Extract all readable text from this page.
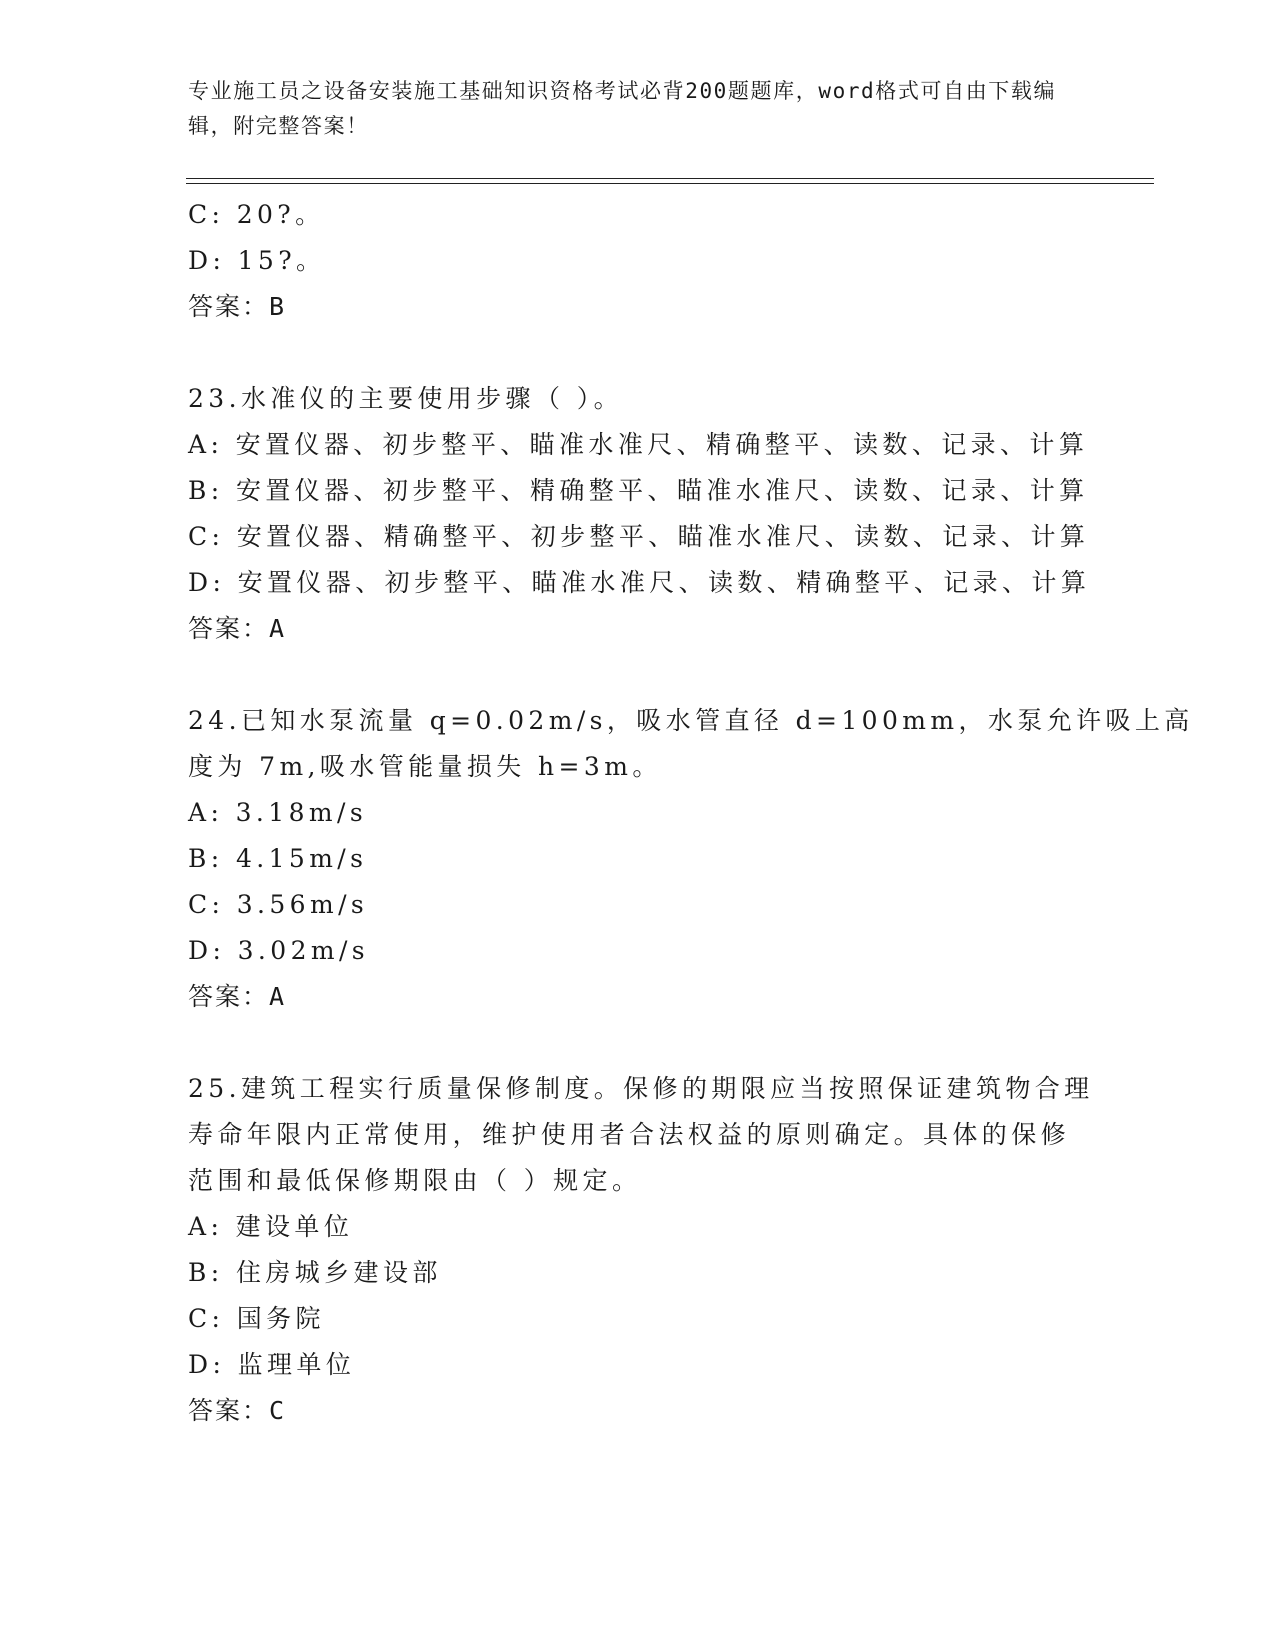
专业施工员之设备安装施工基础知识资格考试必背200题题库，word格式可自由下载编辑，附完整答案！
C: 20?。
D: 15?。
答案：B
23.水准仪的主要使用步骤（ ）。
A: 安置仪器、初步整平、瞄准水准尺、精确整平、读数、记录、计算
B: 安置仪器、初步整平、精确整平、瞄准水准尺、读数、记录、计算
C: 安置仪器、精确整平、初步整平、瞄准水准尺、读数、记录、计算
D: 安置仪器、初步整平、瞄准水准尺、读数、精确整平、记录、计算
答案：A
24.已知水泵流量 q=0.02m/s，吸水管直径 d=100mm，水泵允许吸上高
度为 7m,吸水管能量损失 h=3m。
A: 3.18m/s
B: 4.15m/s
C: 3.56m/s
D: 3.02m/s
答案：A
25.建筑工程实行质量保修制度。保修的期限应当按照保证建筑物合理
寿命年限内正常使用，维护使用者合法权益的原则确定。具体的保修
范围和最低保修期限由（ ）规定。
A: 建设单位
B: 住房城乡建设部
C: 国务院
D: 监理单位
答案：C
